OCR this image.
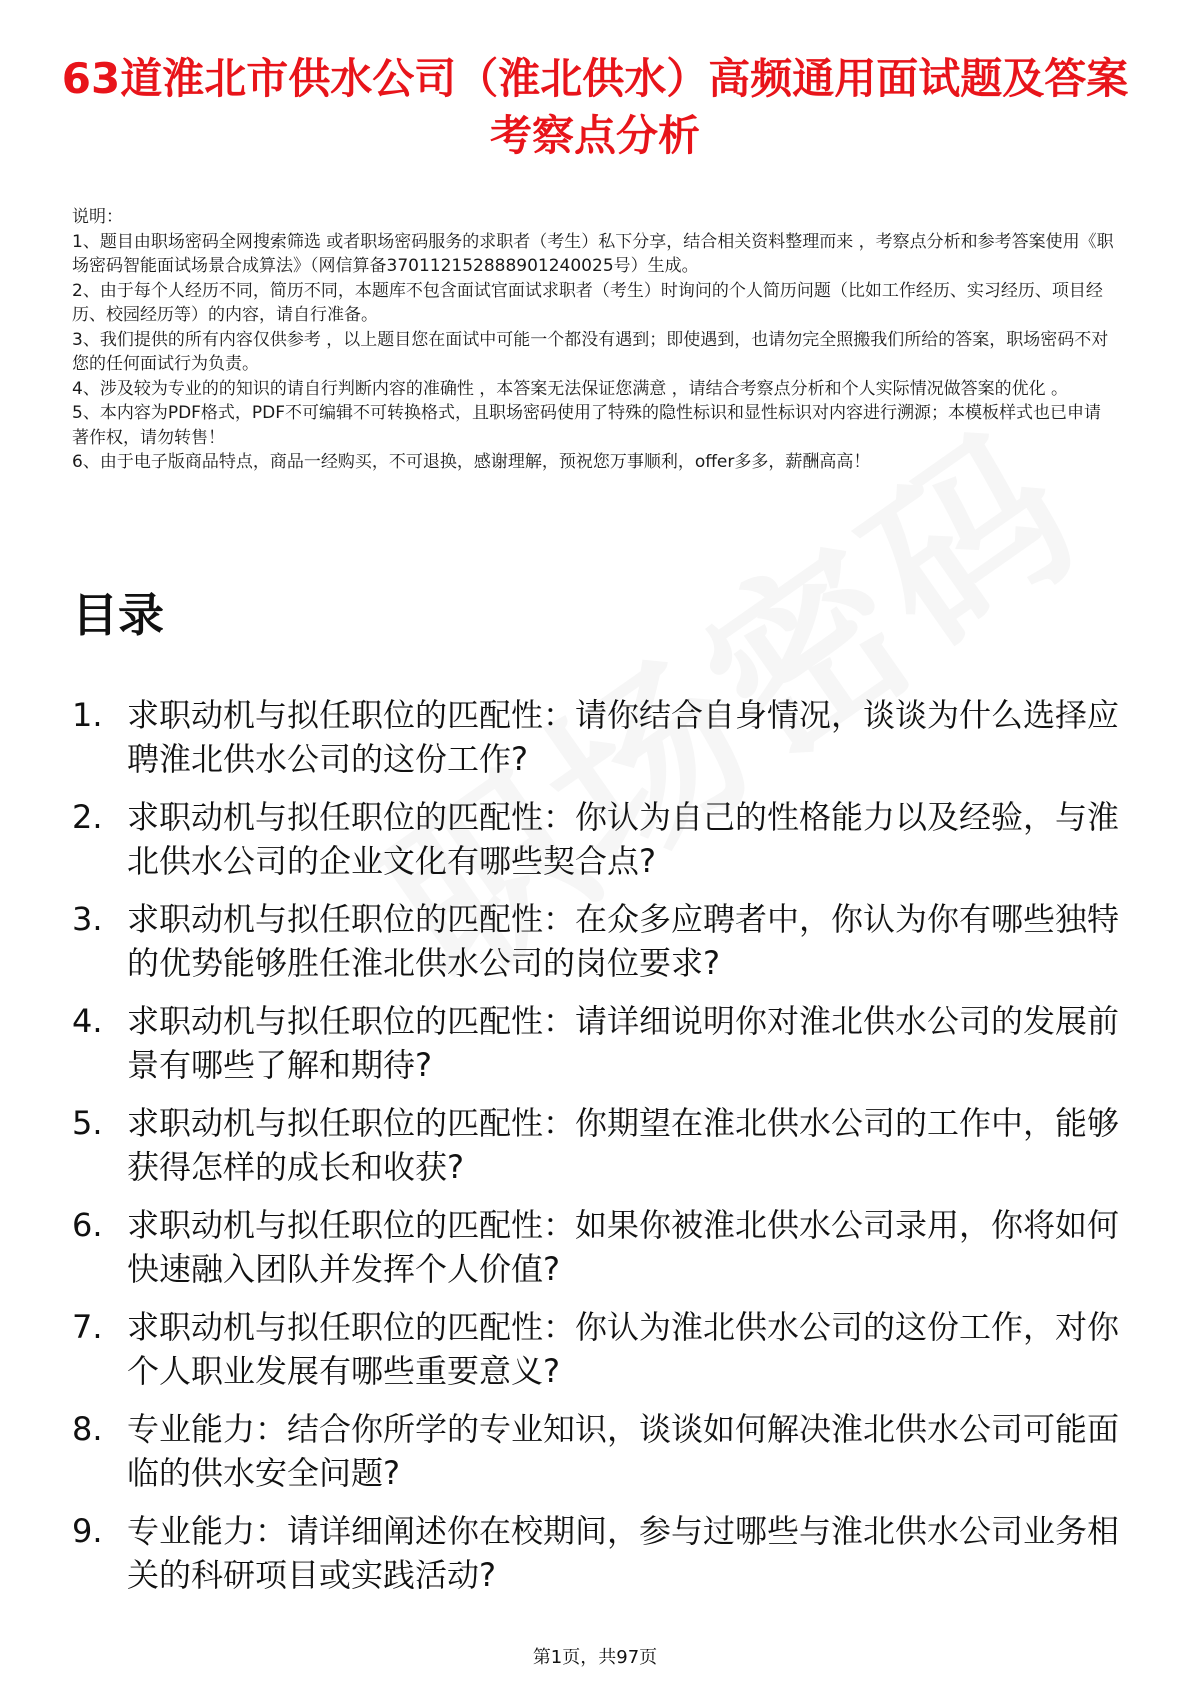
63道淮北市供水公司（淮北供水）高频通用面试题及答案考察点分析
说明：
1、题目由职场密码全网搜索筛选 或者职场密码服务的求职者（考生）私下分享，结合相关资料整理而来 ，考察点分析和参考答案使用《职场密码智能面试场景合成算法》（网信算备370112152888901240025号）生成。
2、由于每个人经历不同，简历不同，本题库不包含面试官面试求职者（考生）时询问的个人简历问题（比如工作经历、实习经历、项目经历、校园经历等）的内容，请自行准备。
3、我们提供的所有内容仅供参考 ，以上题目您在面试中可能一个都没有遇到；即使遇到，也请勿完全照搬我们所给的答案，职场密码不对您的任何面试行为负责。
4、涉及较为专业的的知识的请自行判断内容的准确性 ，本答案无法保证您满意 ，请结合考察点分析和个人实际情况做答案的优化 。
5、本内容为PDF格式，PDF不可编辑不可转换格式，且职场密码使用了特殊的隐性标识和显性标识对内容进行溯源；本模板样式也已申请著作权，请勿转售！
6、由于电子版商品特点，商品一经购买，不可退换，感谢理解，预祝您万事顺利，offer多多，薪酬高高！
目录
1. 求职动机与拟任职位的匹配性：请你结合自身情况，谈谈为什么选择应聘淮北供水公司的这份工作?
2. 求职动机与拟任职位的匹配性：你认为自己的性格能力以及经验，与淮北供水公司的企业文化有哪些契合点?
3. 求职动机与拟任职位的匹配性：在众多应聘者中，你认为你有哪些独特的优势能够胜任淮北供水公司的岗位要求?
4. 求职动机与拟任职位的匹配性：请详细说明你对淮北供水公司的发展前景有哪些了解和期待?
5. 求职动机与拟任职位的匹配性：你期望在淮北供水公司的工作中，能够获得怎样的成长和收获?
6. 求职动机与拟任职位的匹配性：如果你被淮北供水公司录用，你将如何快速融入团队并发挥个人价值?
7. 求职动机与拟任职位的匹配性：你认为淮北供水公司的这份工作，对你个人职业发展有哪些重要意义?
8. 专业能力：结合你所学的专业知识，谈谈如何解决淮北供水公司可能面临的供水安全问题?
9. 专业能力：请详细阐述你在校期间，参与过哪些与淮北供水公司业务相关的科研项目或实践活动?
第1页，共97页
